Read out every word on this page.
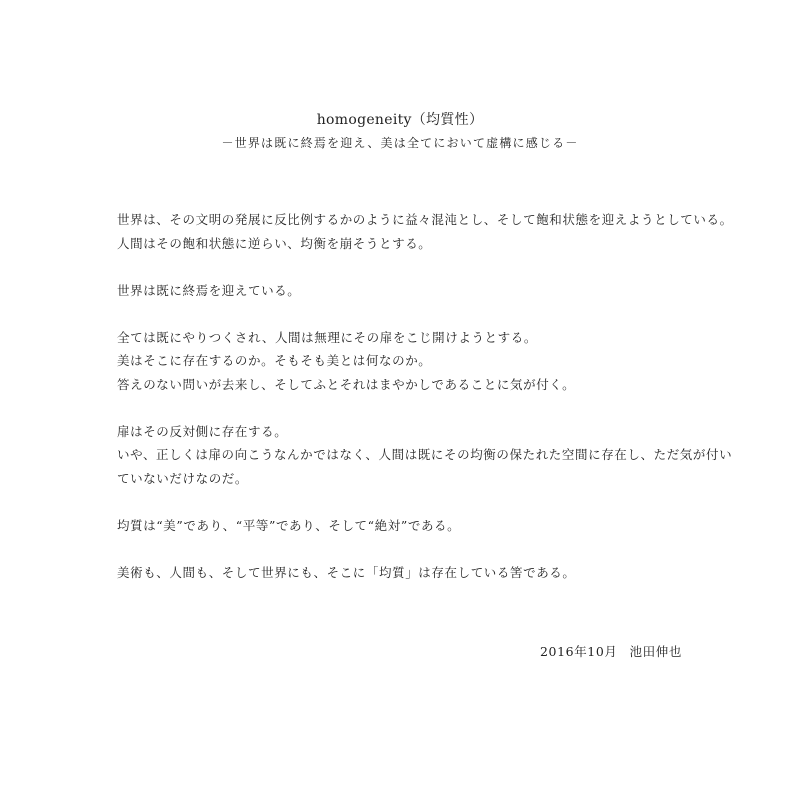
homogeneity（均質性）
－世界は既に終焉を迎え、美は全てにおいて虚構に感じる－

世界は、その文明の発展に反比例するかのように益々混沌とし、そして飽和状態を迎えようとしている。
人間はその飽和状態に逆らい、均衡を崩そうとする。

世界は既に終焉を迎えている。

全ては既にやりつくされ、人間は無理にその扉をこじ開けようとする。
美はそこに存在するのか。そもそも美とは何なのか。
答えのない問いが去来し、そしてふとそれはまやかしであることに気が付く。

扉はその反対側に存在する。
いや、正しくは扉の向こうなんかではなく、人間は既にその均衡の保たれた空間に存在し、ただ気が付い
ていないだけなのだ。

均質は“美”であり、“平等”であり、そして“絶対”である。

美術も、人間も、そして世界にも、そこに「均質」は存在している筈である。

2016年10月 池田伸也
